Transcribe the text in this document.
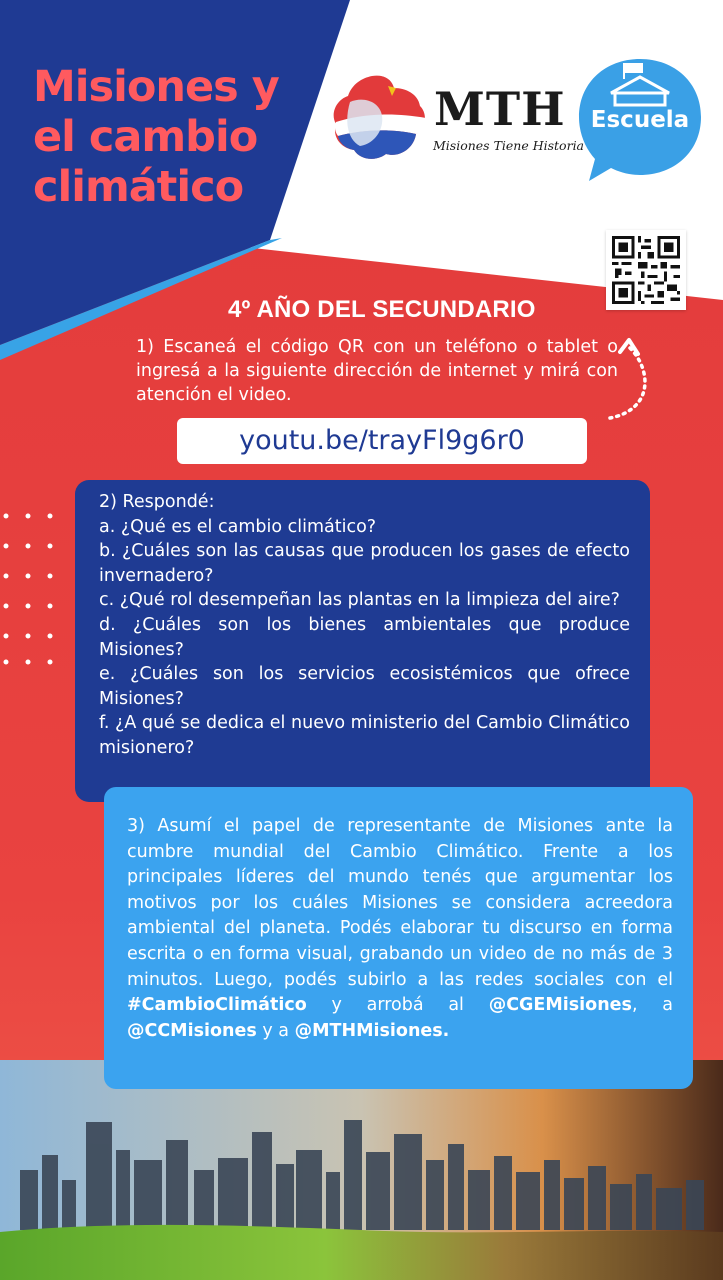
Misiones y el cambio climático
MTH
Misiones Tiene Historia
Escuela
4º AÑO DEL SECUNDARIO
1) Escaneá el código QR con un teléfono o tablet o ingresá a la siguiente dirección de internet y mirá con atención el video.
youtu.be/trayFl9g6r0
2) Respondé:
a. ¿Qué es el cambio climático?
b. ¿Cuáles son las causas que producen los gases de efecto invernadero?
c. ¿Qué rol desempeñan las plantas en la limpieza del aire?
d. ¿Cuáles son los bienes ambientales que produce Misiones?
e. ¿Cuáles son los servicios ecosistémicos que ofrece Misiones?
f. ¿A qué se dedica el nuevo ministerio del Cambio Climático misionero?
3) Asumí el papel de representante de Misiones ante la cumbre mundial del Cambio Climático. Frente a los principales líderes del mundo tenés que argumentar los motivos por los cuáles Misiones se considera acreedora ambiental del planeta. Podés elaborar tu discurso en forma escrita o en forma visual, grabando un video de no más de 3 minutos. Luego, podés subirlo a las redes sociales con el #CambioClimático y arrobá al @CGEMisiones, a @CCMisiones y a @MTHMisiones.
